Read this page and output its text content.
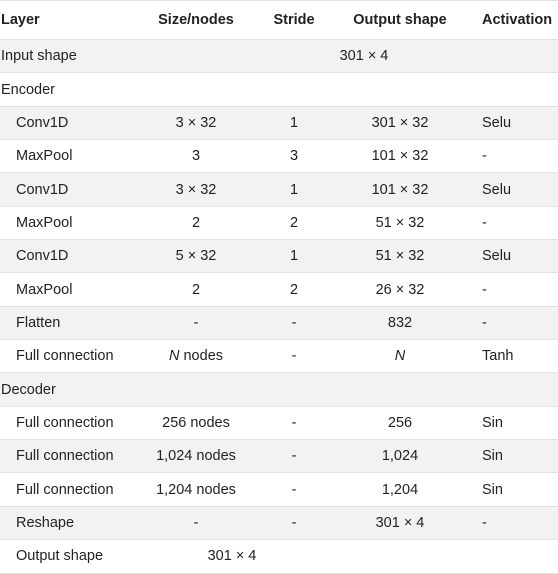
Layer	Size/nodes	Stride	Output shape	Activation
Input shape		301 × 4		
Encoder				
Conv1D	3 × 32	1	301 × 32	Selu
MaxPool	3	3	101 × 32	-
Conv1D	3 × 32	1	101 × 32	Selu
MaxPool	2	2	51 × 32	-
Conv1D	5 × 32	1	51 × 32	Selu
MaxPool	2	2	26 × 32	-
Flatten	-	-	832	-
Full connection	N nodes	-	N	Tanh
Decoder				
Full connection	256 nodes	-	256	Sin
Full connection	1,024 nodes	-	1,024	Sin
Full connection	1,204 nodes	-	1,204	Sin
Reshape	-	-	301 × 4	-
Output shape	301 × 4			
